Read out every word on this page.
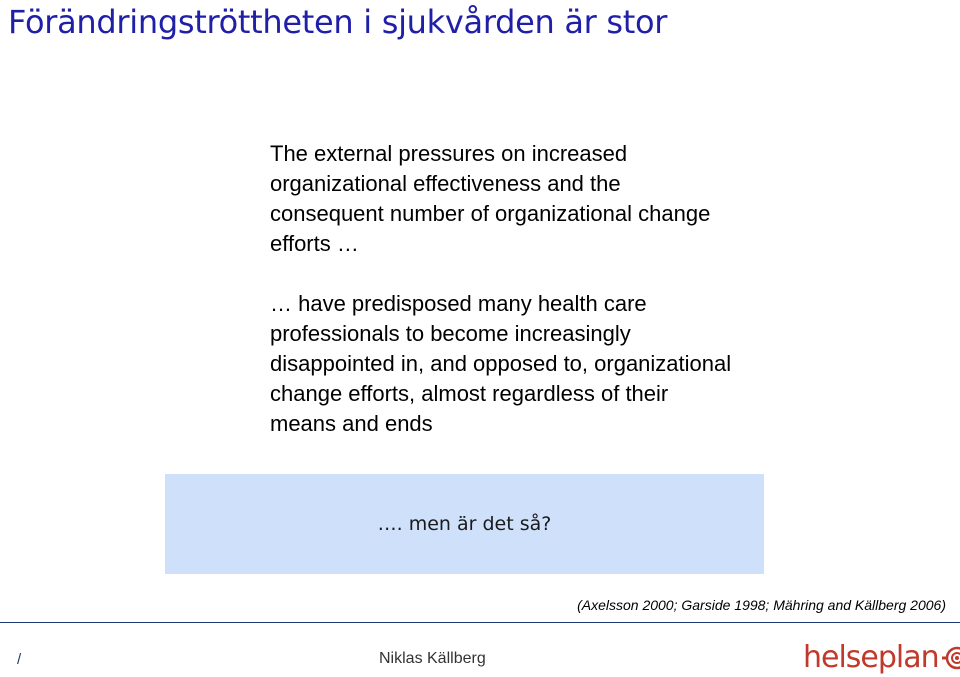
Förändringströttheten i sjukvården är stor

The external pressures on increased organizational effectiveness and the consequent number of organizational change efforts …

… have predisposed many health care professionals to become increasingly disappointed in, and opposed to, organizational change efforts, almost regardless of their means and ends

…. men är det så?
(Axelsson 2000; Garside 1998; Mähring and Källberg 2006)
/	Niklas Källberg	helseplan
